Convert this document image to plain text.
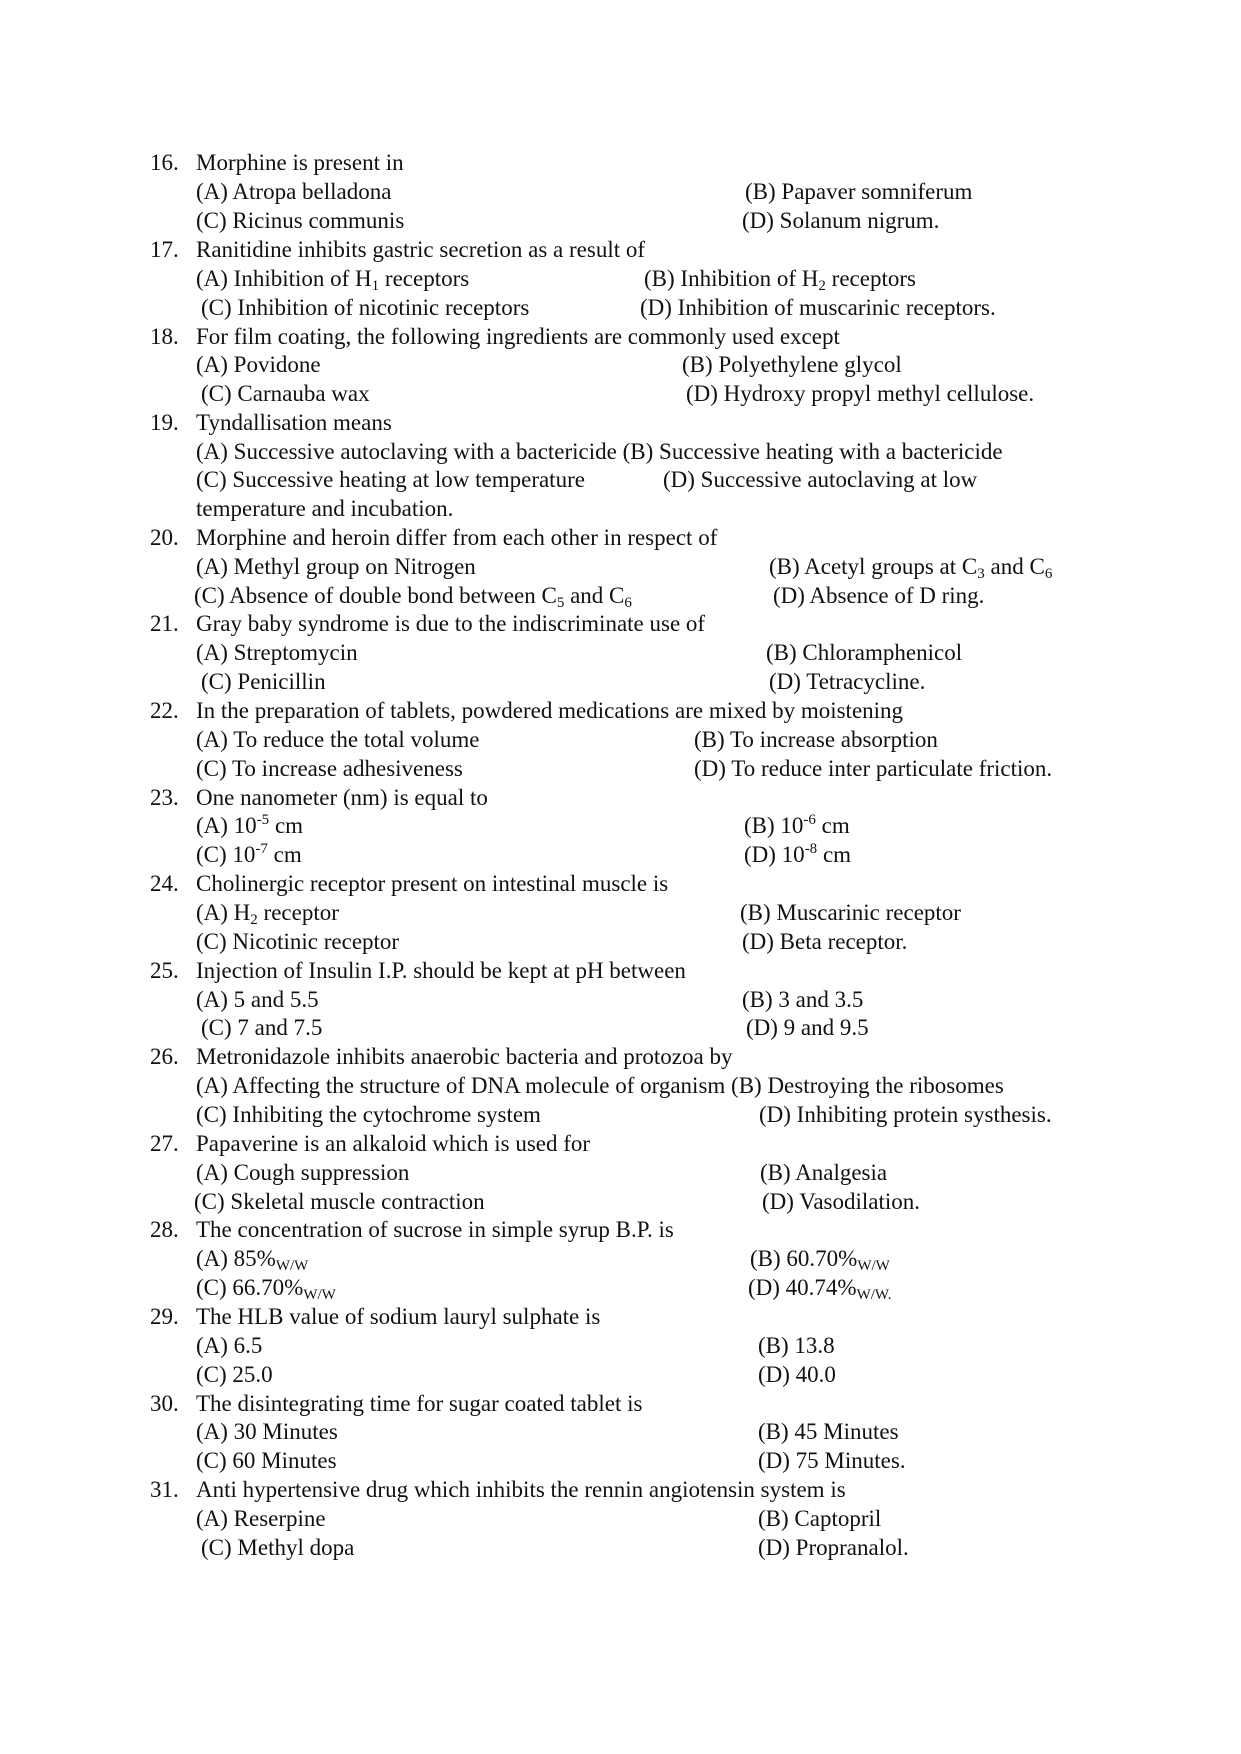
16. Morphine is present in
(A) Atropa belladona	(B) Papaver somniferum
(C) Ricinus communis	(D) Solanum nigrum.
17. Ranitidine inhibits gastric secretion as a result of
(A) Inhibition of $H_1$ receptors	(B) Inhibition of $H_2$ receptors
(C) Inhibition of nicotinic receptors	(D) Inhibition of muscarinic receptors.
18. For film coating, the following ingredients are commonly used except
(A) Povidone	(B) Polyethylene glycol
(C) Carnauba wax	(D) Hydroxy propyl methyl cellulose.
19. Tyndallisation means
(A) Successive autoclaving with a bactericide (B) Successive heating with a bactericide
(C) Successive heating at low temperature	(D) Successive autoclaving at low
temperature and incubation.
20. Morphine and heroin differ from each other in respect of
(A) Methyl group on Nitrogen	(B) Acetyl groups at $C_3$ and $C_6$
(C) Absence of double bond between $C_5$ and $C_6$	(D) Absence of D ring.
21. Gray baby syndrome is due to the indiscriminate use of
(A) Streptomycin	(B) Chloramphenicol
(C) Penicillin	(D) Tetracycline.
22. In the preparation of tablets, powdered medications are mixed by moistening
(A) To reduce the total volume	(B) To increase absorption
(C) To increase adhesiveness	(D) To reduce inter particulate friction.
23. One nanometer (nm) is equal to
(A) $10^{-5}$ cm	(B) $10^{-6}$ cm
(C) $10^{-7}$ cm	(D) $10^{-8}$ cm
24. Cholinergic receptor present on intestinal muscle is
(A) $H_2$ receptor	(B) Muscarinic receptor
(C) Nicotinic receptor	(D) Beta receptor.
25. Injection of Insulin I.P. should be kept at pH between
(A) 5 and 5.5	(B) 3 and 3.5
(C) 7 and 7.5	(D) 9 and 9.5
26. Metronidazole inhibits anaerobic bacteria and protozoa by
(A) Affecting the structure of DNA molecule of organism (B) Destroying the ribosomes
(C) Inhibiting the cytochrome system	(D) Inhibiting protein systhesis.
27. Papaverine is an alkaloid which is used for
(A) Cough suppression	(B) Analgesia
(C) Skeletal muscle contraction	(D) Vasodilation.
28. The concentration of sucrose in simple syrup B.P. is
(A) $85\%_{W/W}$	(B) $60.70\%_{W/W}$
(C) $66.70\%_{W/W}$	(D) $40.74\%_{W/W.}$
29. The HLB value of sodium lauryl sulphate is
(A) 6.5	(B) 13.8
(C) 25.0	(D) 40.0
30. The disintegrating time for sugar coated tablet is
(A) 30 Minutes	(B) 45 Minutes
(C) 60 Minutes	(D) 75 Minutes.
31. Anti hypertensive drug which inhibits the rennin angiotensin system is
(A) Reserpine	(B) Captopril
(C) Methyl dopa	(D) Propranalol.
